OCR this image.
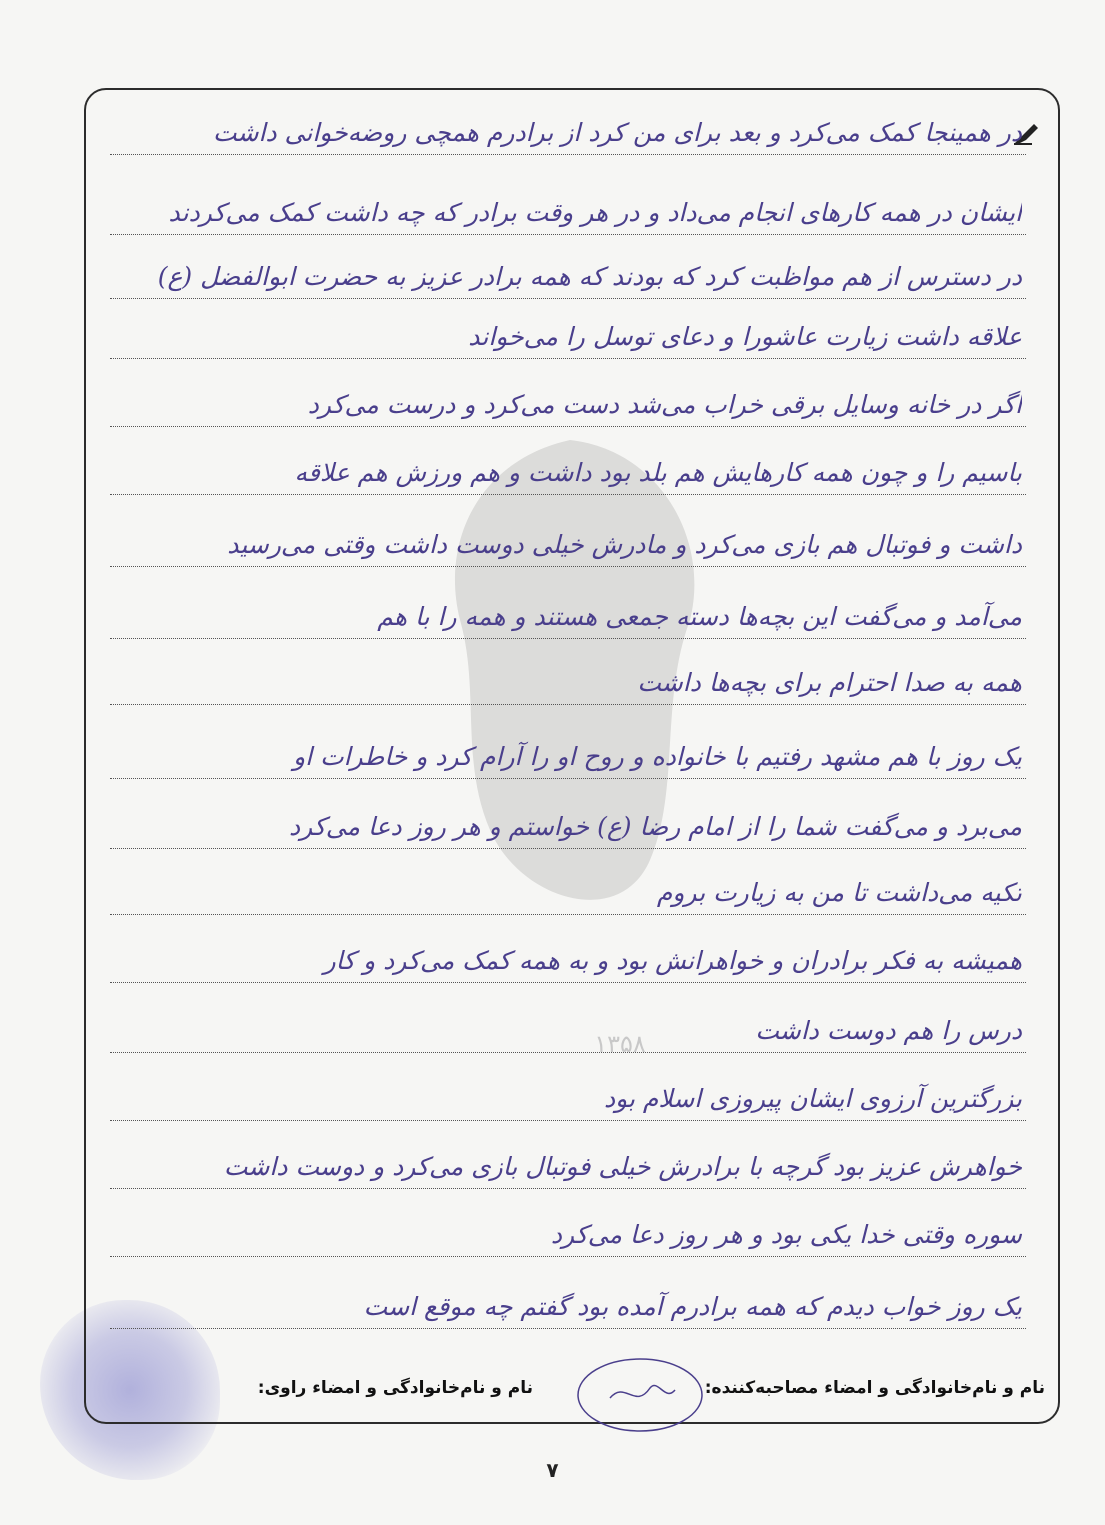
۱۳۵۸
در همینجا کمک می‌کرد و بعد برای من کرد از برادرم همچی روضه‌خوانی داشت
ایشان در همه کارهای انجام می‌داد و در هر وقت برادر که چه داشت کمک می‌کردند
در دسترس از هم مواظبت کرد که بودند که همه برادر عزیز به حضرت ابوالفضل (ع)
علاقه داشت زیارت عاشورا و دعای توسل را می‌خواند
اگر در خانه وسایل برقی خراب می‌شد دست می‌کرد و درست می‌کرد
باسیم را و چون همه کارهایش هم بلد بود داشت و هم ورزش هم علاقه
داشت و فوتبال هم بازی می‌کرد و مادرش خیلی دوست داشت وقتی می‌رسید
می‌آمد و می‌گفت این بچه‌ها دسته جمعی هستند و همه را با هم
همه به صدا احترام برای بچه‌ها داشت
یک روز با هم مشهد رفتیم با خانواده و روح او را آرام کرد و خاطرات او
می‌برد و می‌گفت شما را از امام رضا (ع) خواستم و هر روز دعا می‌کرد
تکیه می‌داشت تا من به زیارت بروم
همیشه به فکر برادران و خواهرانش بود و به همه کمک می‌کرد و کار
درس را هم دوست داشت
بزرگترین آرزوی ایشان پیروزی اسلام بود
خواهرش عزیز بود گرچه با برادرش خیلی فوتبال بازی می‌کرد و دوست داشت
سوره وقتی خدا یکی بود و هر روز دعا می‌کرد
یک روز خواب دیدم که همه برادرم آمده بود گفتم چه موقع است
نام و نام‌خانوادگی و امضاء مصاحبه‌کننده:
نام و نام‌خانوادگی و امضاء راوی:
۷
